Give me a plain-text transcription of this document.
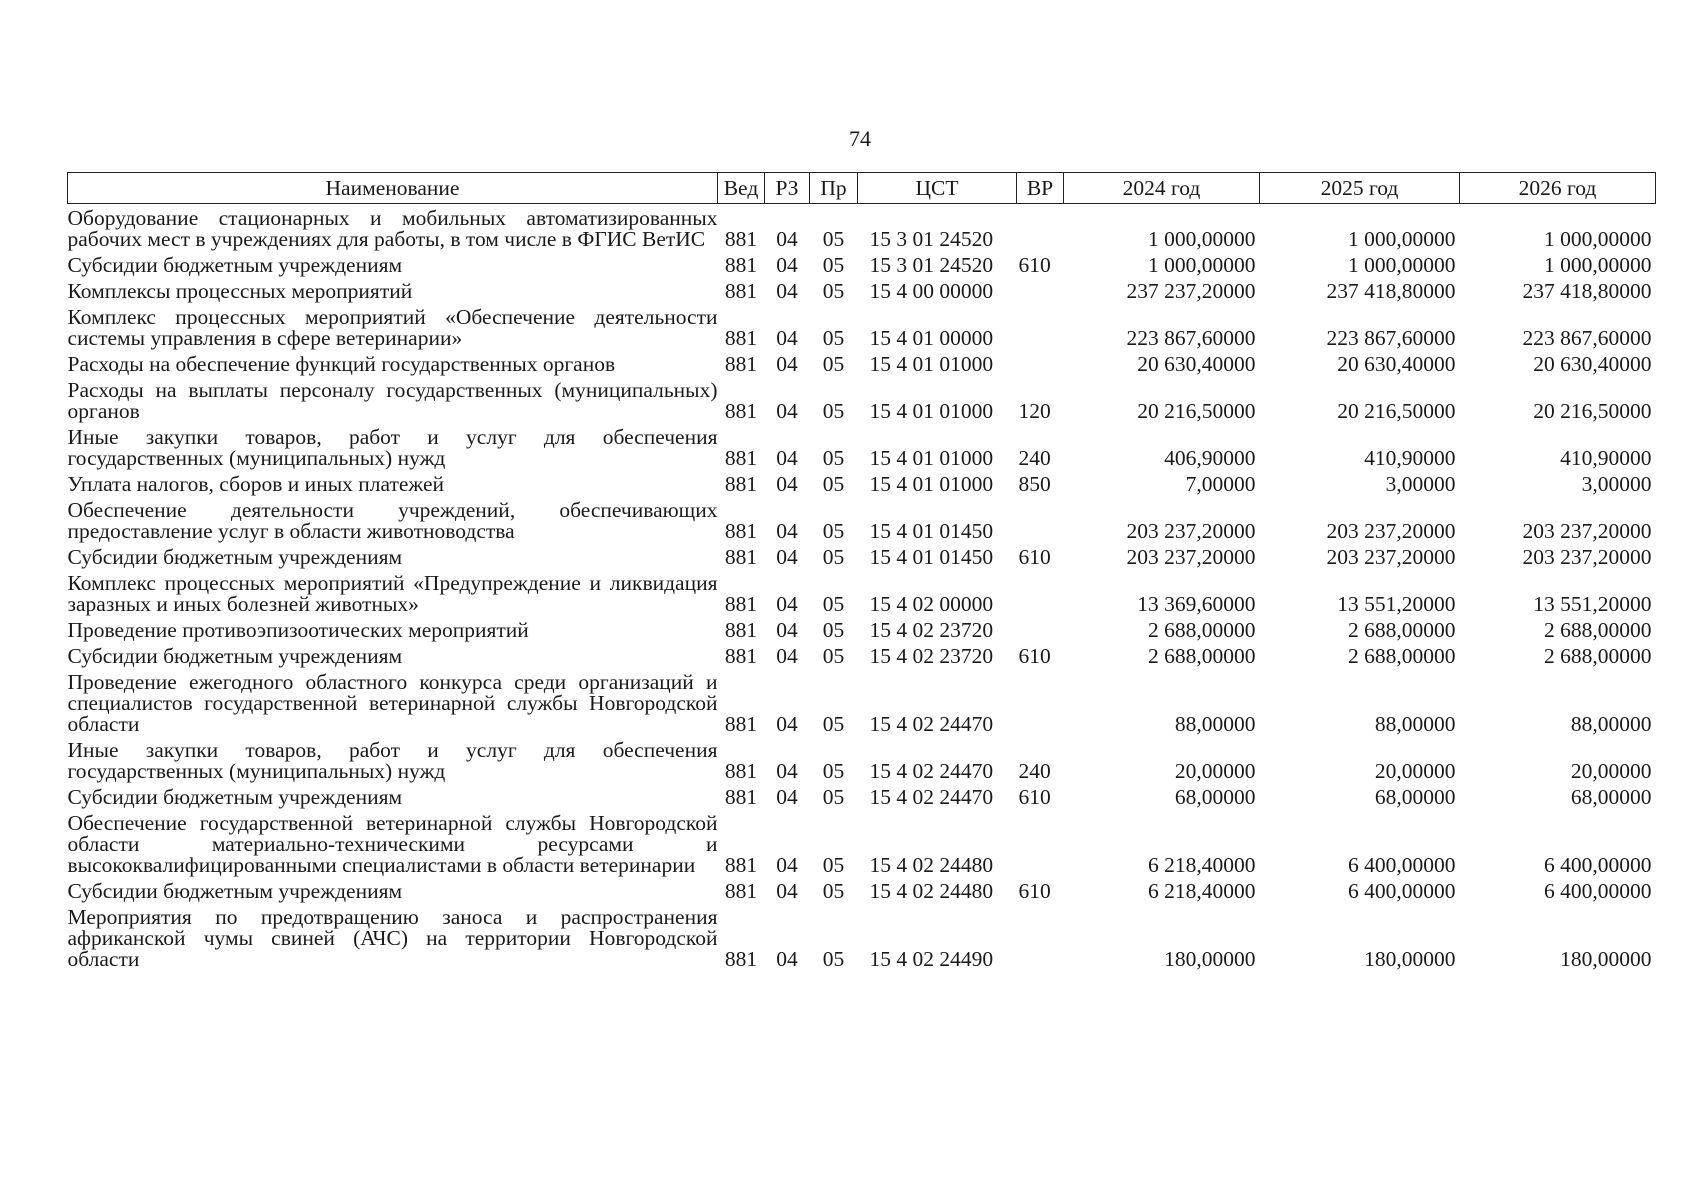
74
Наименование	Вед	РЗ	Пр	ЦСТ	ВР	2024 год	2025 год	2026 год

Оборудование стационарных и мобильных автоматизированных рабочих мест в учреждениях для работы, в том числе в ФГИС ВетИС	881	04	05	15 3 01 24520		1 000,00000	1 000,00000	1 000,00000

Субсидии бюджетным учреждениям	881	04	05	15 3 01 24520	610	1 000,00000	1 000,00000	1 000,00000

Комплексы процессных мероприятий	881	04	05	15 4 00 00000		237 237,20000	237 418,80000	237 418,80000

Комплекс процессных мероприятий «Обеспечение деятельности системы управления в сфере ветеринарии»	881	04	05	15 4 01 00000		223 867,60000	223 867,60000	223 867,60000

Расходы на обеспечение функций государственных органов	881	04	05	15 4 01 01000		20 630,40000	20 630,40000	20 630,40000

Расходы на выплаты персоналу государственных (муниципальных) органов	881	04	05	15 4 01 01000	120	20 216,50000	20 216,50000	20 216,50000

Иные закупки товаров, работ и услуг для обеспечения государственных (муниципальных) нужд	881	04	05	15 4 01 01000	240	406,90000	410,90000	410,90000

Уплата налогов, сборов и иных платежей	881	04	05	15 4 01 01000	850	7,00000	3,00000	3,00000

Обеспечение деятельности учреждений, обеспечивающих предоставление услуг в области животноводства	881	04	05	15 4 01 01450		203 237,20000	203 237,20000	203 237,20000

Субсидии бюджетным учреждениям	881	04	05	15 4 01 01450	610	203 237,20000	203 237,20000	203 237,20000

Комплекс процессных мероприятий «Предупреждение и ликвидация заразных и иных болезней животных»	881	04	05	15 4 02 00000		13 369,60000	13 551,20000	13 551,20000

Проведение противоэпизоотических мероприятий	881	04	05	15 4 02 23720		2 688,00000	2 688,00000	2 688,00000

Субсидии бюджетным учреждениям	881	04	05	15 4 02 23720	610	2 688,00000	2 688,00000	2 688,00000

Проведение ежегодного областного конкурса среди организаций и специалистов государственной ветеринарной службы Новгородской области	881	04	05	15 4 02 24470		88,00000	88,00000	88,00000

Иные закупки товаров, работ и услуг для обеспечения государственных (муниципальных) нужд	881	04	05	15 4 02 24470	240	20,00000	20,00000	20,00000

Субсидии бюджетным учреждениям	881	04	05	15 4 02 24470	610	68,00000	68,00000	68,00000

Обеспечение государственной ветеринарной службы Новгородской области материально-техническими ресурсами и высококвалифицированными специалистами в области ветеринарии	881	04	05	15 4 02 24480		6 218,40000	6 400,00000	6 400,00000

Субсидии бюджетным учреждениям	881	04	05	15 4 02 24480	610	6 218,40000	6 400,00000	6 400,00000

Мероприятия по предотвращению заноса и распространения африканской чумы свиней (АЧС) на территории Новгородской области	881	04	05	15 4 02 24490		180,00000	180,00000	180,00000
